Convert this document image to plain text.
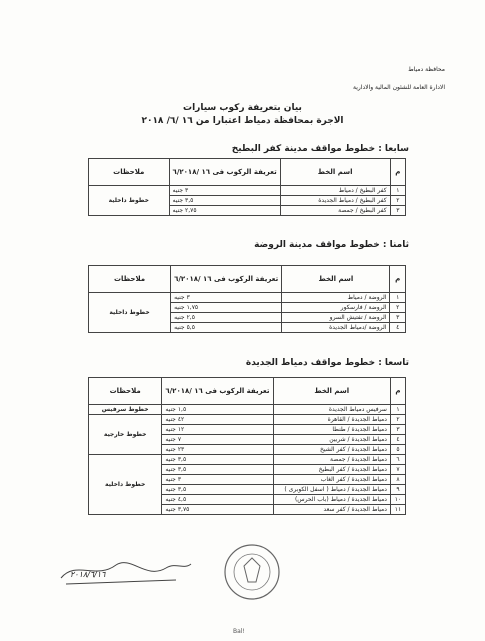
محافظة دمياط
الادارة العامة للشئون المالية والادارية
بيان بتعريفة ركوب سيارات
الاجرة بمحافظة دمياط اعتبارا من ١٦ /٦/ ٢٠١٨
سابعا : خطوط مواقف مدينة كفر البطيخ
م	اسم الخط	تعريفة الركوب فى ١٦ /٦/٢٠١٨	ملاحظات
١	كفر البطيخ / دمياط	٣ جنيه	خطوط داخلية
٢	كفر البطيخ / دمياط الجديدة	٣,٥ جنيه	
٣	كفر البطيخ / جمصة	٢,٧٥ جنيه	
ثامنا : خطوط مواقف مدينة الروضة
م	اسم الخط	تعريفة الركوب فى ١٦ /٦/٢٠١٨	ملاحظات
١	الروضة / دمياط	٣ جنيه	خطوط داخلية
٢	الروضة / فارسكور	١,٧٥ جنيه	
٣	الروضة / تفتيش السرو	٢,٥ جنيه	
٤	الروضة /دمياط الجديدة	٥,٥ جنيه	
تاسعا : خطوط مواقف دمياط الجديدة
م	اسم الخط	تعريفة الركوب فى ١٦ /٦/٢٠١٨	ملاحظات
١	سرفيس دمياط الجديدة	١,٥ جنيه	خطوط سرفيس
٢	دمياط الجديدة / القاهرة	٤٢ جنيه	خطوط خارجية
٣	دمياط الجديدة / طنطا	١٢ جنيه	
٤	دمياط الجديدة / شربين	٧ جنيه	
٥	دمياط الجديدة / كفر الشيخ	٢٣ جنيه	
٦	دمياط الجديدة / جمصة	٣,٥ جنيه	خطوط داخلية
٧	دمياط الجديدة / كفر البطيخ	٣,٥ جنيه	
٨	دمياط الجديدة / كفر الغاب	٣ جنيه	
٩	دمياط الجديدة / دمياط ( اسفل الكوبرى )	٣,٥ جنيه	
١٠	دمياط الجديدة / دمياط (باب الحرس)	٤,٥ جنيه	
١١	دمياط الجديدة / كفر سعد	٣,٧٥ جنيه	
٢٠١٨/٦/١٦
Bal!
